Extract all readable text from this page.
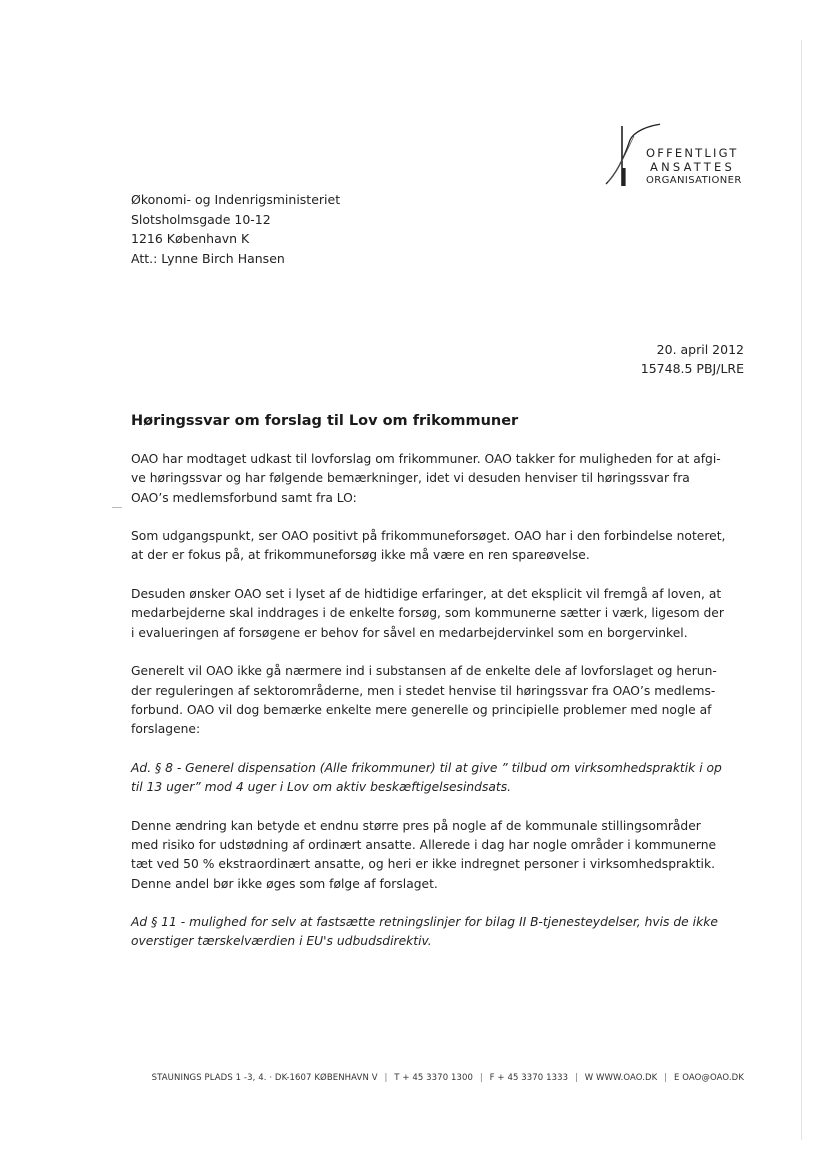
OFFENTLIGT
ANSATTES
ORGANISATIONER
Økonomi- og Indenrigsministeriet
Slotsholmsgade 10-12
1216 København K
Att.: Lynne Birch Hansen
20. april 2012
15748.5 PBJ/LRE
Høringssvar om forslag til Lov om frikommuner

OAO har modtaget udkast til lovforslag om frikommuner. OAO takker for muligheden for at afgi-
ve høringssvar og har følgende bemærkninger, idet vi desuden henviser til høringssvar fra
OAO’s medlemsforbund samt fra LO:

Som udgangspunkt, ser OAO positivt på frikommuneforsøget. OAO har i den forbindelse noteret,
at der er fokus på, at frikommuneforsøg ikke må være en ren spareøvelse.

Desuden ønsker OAO set i lyset af de hidtidige erfaringer, at det eksplicit vil fremgå af loven, at
medarbejderne skal inddrages i de enkelte forsøg, som kommunerne sætter i værk, ligesom der
i evalueringen af forsøgene er behov for såvel en medarbejdervinkel som en borgervinkel.

Generelt vil OAO ikke gå nærmere ind i substansen af de enkelte dele af lovforslaget og herun-
der reguleringen af sektorområderne, men i stedet henvise til høringssvar fra OAO’s medlems-
forbund. OAO vil dog bemærke enkelte mere generelle og principielle problemer med nogle af
forslagene:

Ad. § 8 - Generel dispensation (Alle frikommuner) til at give ” tilbud om virksomhedspraktik i op
til 13 uger” mod 4 uger i Lov om aktiv beskæftigelsesindsats.

Denne ændring kan betyde et endnu større pres på nogle af de kommunale stillingsområder
med risiko for udstødning af ordinært ansatte. Allerede i dag har nogle områder i kommunerne
tæt ved 50 % ekstraordinært ansatte, og heri er ikke indregnet personer i virksomhedspraktik.
Denne andel bør ikke øges som følge af forslaget.

Ad § 11 - mulighed for selv at fastsætte retningslinjer for bilag II B-tjenesteydelser, hvis de ikke
overstiger tærskelværdien i EU's udbudsdirektiv.

STAUNINGS PLADS 1 -3, 4. · DK-1607 KØBENHAVN V | T + 45 3370 1300 | F + 45 3370 1333 | W WWW.OAO.DK | E OAO@OAO.DK
